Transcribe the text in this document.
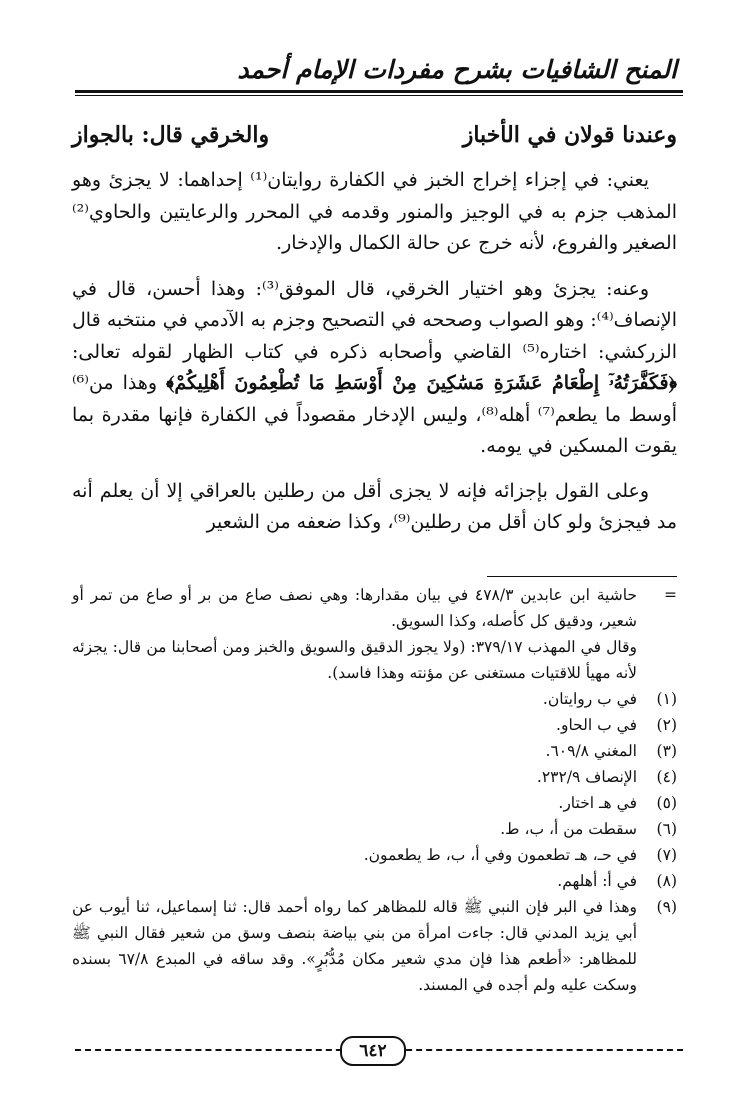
المنح الشافيات بشرح مفردات الإمام أحمد
وعندنا قولان في الأخباز
والخرقي قال: بالجواز

يعني: في إجزاء إخراج الخبز في الكفارة روايتان⁽¹⁾ إحداهما: لا يجزئ وهو المذهب جزم به في الوجيز والمنور وقدمه في المحرر والرعايتين والحاوي⁽²⁾ الصغير والفروع، لأنه خرج عن حالة الكمال والإدخار.

وعنه: يجزئ وهو اختيار الخرقي، قال الموفق⁽³⁾: وهذا أحسن، قال في الإنصاف⁽⁴⁾: وهو الصواب وصححه في التصحيح وجزم به الآدمي في منتخبه قال الزركشي: اختاره⁽⁵⁾ القاضي وأصحابه ذكره في كتاب الظهار لقوله تعالى: ﴿فَكَفَّرَتُهُۥٓ إِطْعَامُ عَشَرَةِ مَسَٰكِينَ مِنْ أَوْسَطِ مَا تُطْعِمُونَ أَهْلِيكُمْ﴾ وهذا من⁽⁶⁾ أوسط ما يطعم⁽⁷⁾ أهله⁽⁸⁾، وليس الإدخار مقصوداً في الكفارة فإنها مقدرة بما يقوت المسكين في يومه.

وعلى القول بإجزائه فإنه لا يجزى أقل من رطلين بالعراقي إلا أن يعلم أنه مد فيجزئ ولو كان أقل من رطلين⁽⁹⁾، وكذا ضعفه من الشعير

=
حاشية ابن عابدين ٤٧٨/٣ في بيان مقدارها: وهي نصف صاع من بر أو صاع من تمر أو شعير، ودقيق كل كأصله، وكذا السويق.
وقال في المهذب ٣٧٩/١٧: (ولا يجوز الدقيق والسويق والخبز ومن أصحابنا من قال: يجزئه لأنه مهيأ للاقتيات مستغنى عن مؤنته وهذا فاسد).
(١)
في ب روايتان.
(٢)
في ب الحاو.
(٣)
المغني ٦٠٩/٨.
(٤)
الإنصاف ٢٣٢/٩.
(٥)
في هـ اختار.
(٦)
سقطت من أ، ب، ط.
(٧)
في حـ، هـ تطعمون وفي أ، ب، ط يطعمون.
(٨)
في أ: أهلهم.
(٩)
وهذا في البر فإن النبي ﷺ قاله للمظاهر كما رواه أحمد قال: ثنا إسماعيل، ثنا أيوب عن أبي يزيد المدني قال: جاءت امرأة من بني بياضة بنصف وسق من شعير فقال النبي ﷺ للمظاهر: «أطعم هذا فإن مدي شعير مكان مُدُّبُرٍ». وقد ساقه في المبدع ٦٧/٨ بسنده وسكت عليه ولم أجده في المسند.
٦٤٢
